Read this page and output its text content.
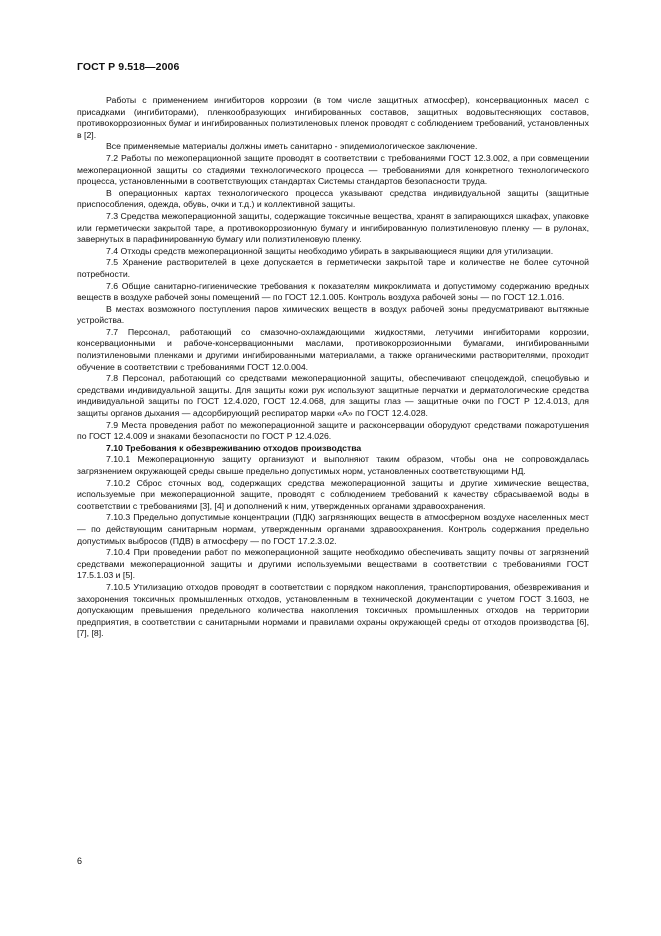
ГОСТ Р 9.518—2006

Работы с применением ингибиторов коррозии (в том числе защитных атмосфер), консервационных масел с присадками (ингибиторами), пленкообразующих ингибированных составов, защитных водовытесняющих составов, противокоррозионных бумаг и ингибированных полиэтиленовых пленок проводят с соблюдением требований, установленных в [2].

Все применяемые материалы должны иметь санитарно - эпидемиологическое заключение.

7.2 Работы по межоперационной защите проводят в соответствии с требованиями ГОСТ 12.3.002, а при совмещении межоперационной защиты со стадиями технологического процесса — требованиями для конкретного технологического процесса, установленными в соответствующих стандартах Системы стандартов безопасности труда.

В операционных картах технологического процесса указывают средства индивидуальной защиты (защитные приспособления, одежда, обувь, очки и т.д.) и коллективной защиты.

7.3 Средства межоперационной защиты, содержащие токсичные вещества, хранят в запирающихся шкафах, упаковке или герметически закрытой таре, а противокоррозионную бумагу и ингибированную полиэтиленовую пленку — в рулонах, завернутых в парафинированную бумагу или полиэтиленовую пленку.

7.4 Отходы средств межоперационной защиты необходимо убирать в закрывающиеся ящики для утилизации.

7.5 Хранение растворителей в цехе допускается в герметически закрытой таре и количестве не более суточной потребности.

7.6 Общие санитарно-гигиенические требования к показателям микроклимата и допустимому содержанию вредных веществ в воздухе рабочей зоны помещений — по ГОСТ 12.1.005. Контроль воздуха рабочей зоны — по ГОСТ 12.1.016.

В местах возможного поступления паров химических веществ в воздух рабочей зоны предусматривают вытяжные устройства.

7.7 Персонал, работающий со смазочно-охлаждающими жидкостями, летучими ингибиторами коррозии, консервационными и рабоче-консервационными маслами, противокоррозионными бумагами, ингибированными полиэтиленовыми пленками и другими ингибированными материалами, а также органическими растворителями, проходит обучение в соответствии с требованиями ГОСТ 12.0.004.

7.8 Персонал, работающий со средствами межоперационной защиты, обеспечивают спецодеждой, спецобувью и средствами индивидуальной защиты. Для защиты кожи рук используют защитные перчатки и дерматологические средства индивидуальной защиты по ГОСТ 12.4.020, ГОСТ 12.4.068, для защиты глаз — защитные очки по ГОСТ Р 12.4.013, для защиты органов дыхания — адсорбирующий респиратор марки «А» по ГОСТ 12.4.028.

7.9 Места проведения работ по межоперационной защите и расконсервации оборудуют средствами пожаротушения по ГОСТ 12.4.009 и знаками безопасности по ГОСТ Р 12.4.026.

7.10 Требования к обезвреживанию отходов производства

7.10.1 Межоперационную защиту организуют и выполняют таким образом, чтобы она не сопровождалась загрязнением окружающей среды свыше предельно допустимых норм, установленных соответствующими НД.

7.10.2 Сброс сточных вод, содержащих средства межоперационной защиты и другие химические вещества, используемые при межоперационной защите, проводят с соблюдением требований к качеству сбрасываемой воды в соответствии с требованиями [3], [4] и дополнений к ним, утвержденных органами здравоохранения.

7.10.3 Предельно допустимые концентрации (ПДК) загрязняющих веществ в атмосферном воздухе населенных мест — по действующим санитарным нормам, утвержденным органами здравоохранения. Контроль содержания предельно допустимых выбросов (ПДВ) в атмосферу — по ГОСТ 17.2.3.02.

7.10.4 При проведении работ по межоперационной защите необходимо обеспечивать защиту почвы от загрязнений средствами межоперационной защиты и другими используемыми веществами в соответствии с требованиями ГОСТ 17.5.1.03 и [5].

7.10.5 Утилизацию отходов проводят в соответствии с порядком накопления, транспортирования, обезвреживания и захоронения токсичных промышленных отходов, установленным в технической документации с учетом ГОСТ 3.1603, не допускающим превышения предельного количества накопления токсичных промышленных отходов на территории предприятия, в соответствии с санитарными нормами и правилами охраны окружающей среды от отходов производства [6], [7], [8].

6
